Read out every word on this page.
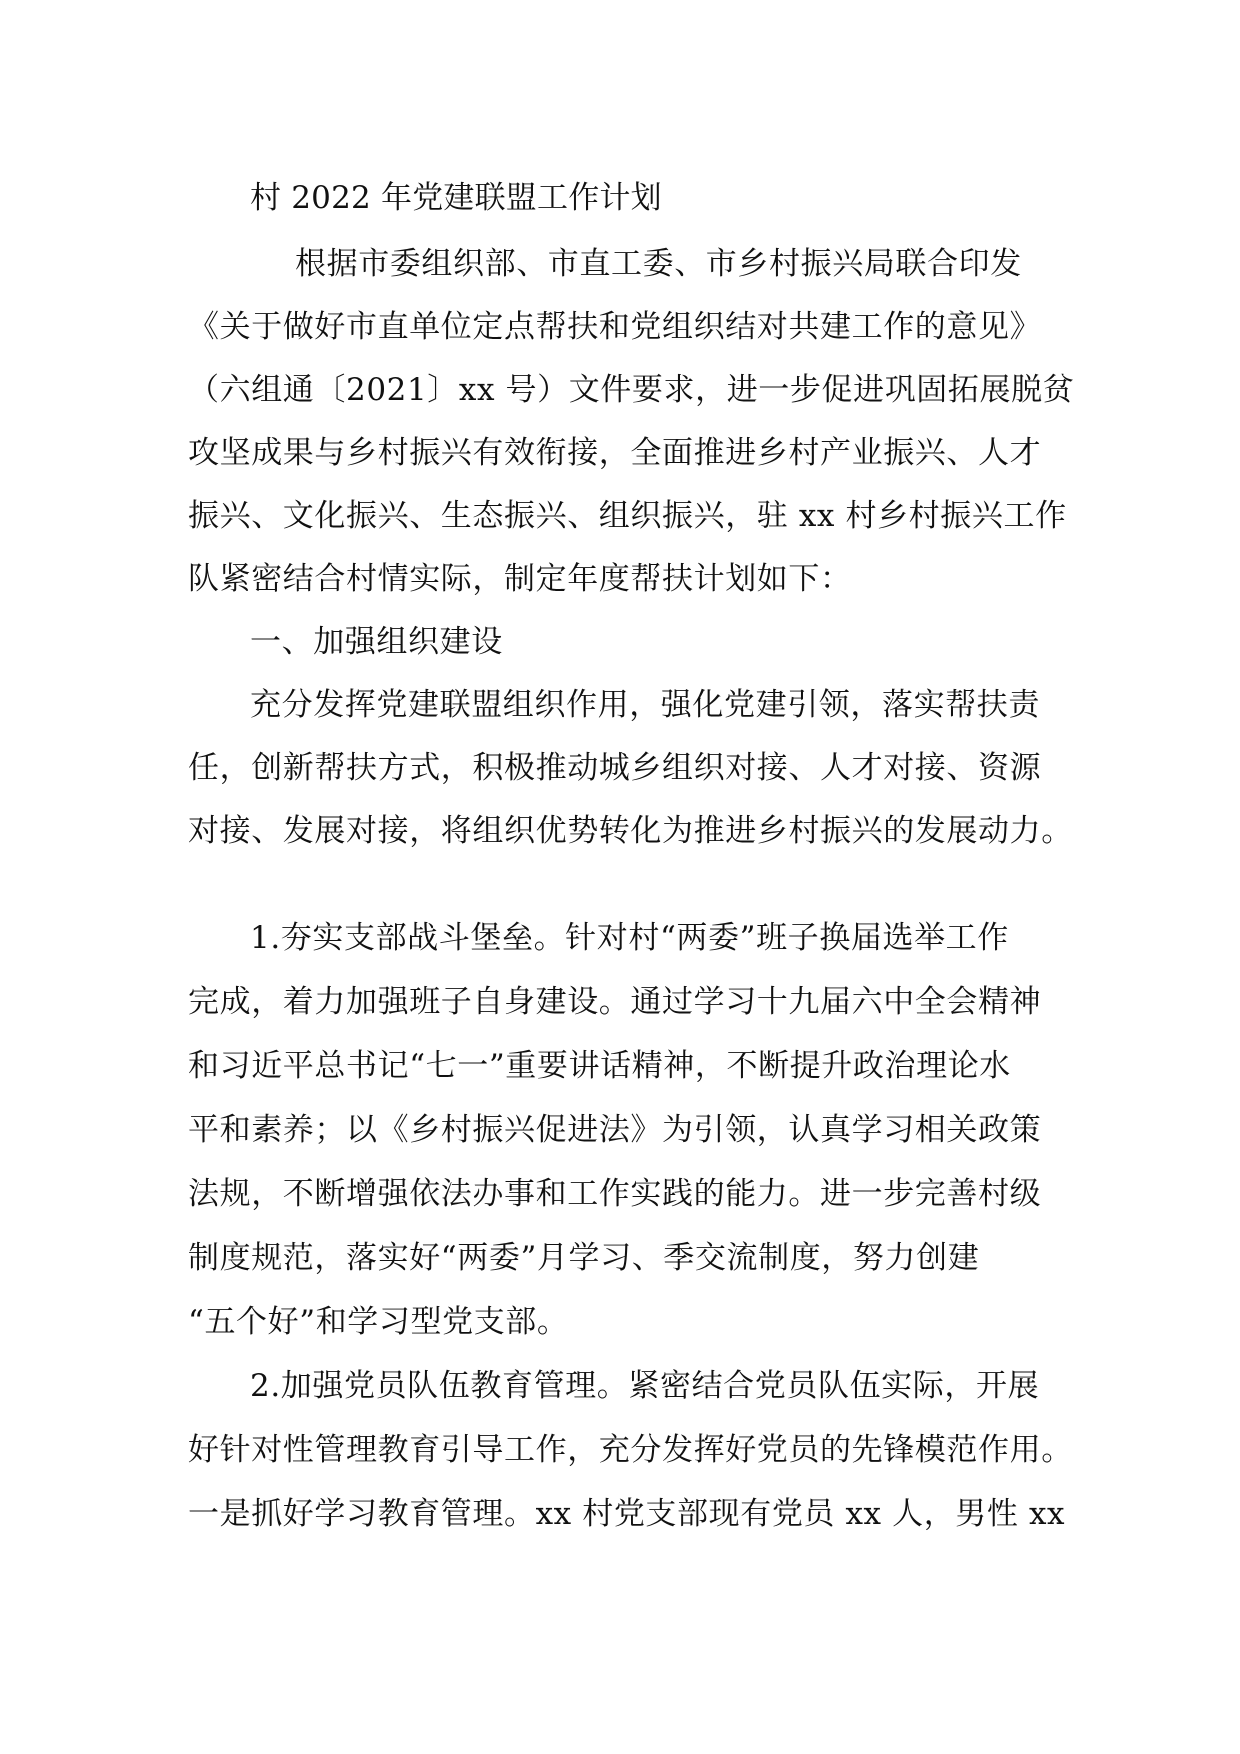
村 2022 年党建联盟工作计划
根据市委组织部、市直工委、市乡村振兴局联合印发
《关于做好市直单位定点帮扶和党组织结对共建工作的意见》
（六组通〔2021〕xx 号）文件要求，进一步促进巩固拓展脱贫
攻坚成果与乡村振兴有效衔接，全面推进乡村产业振兴、人才
振兴、文化振兴、生态振兴、组织振兴，驻 xx 村乡村振兴工作
队紧密结合村情实际，制定年度帮扶计划如下：
一、加强组织建设
充分发挥党建联盟组织作用，强化党建引领，落实帮扶责
任，创新帮扶方式，积极推动城乡组织对接、人才对接、资源
对接、发展对接，将组织优势转化为推进乡村振兴的发展动力。
1.夯实支部战斗堡垒。针对村“两委”班子换届选举工作
完成，着力加强班子自身建设。通过学习十九届六中全会精神
和习近平总书记“七一”重要讲话精神，不断提升政治理论水
平和素养；以《乡村振兴促进法》为引领，认真学习相关政策
法规，不断增强依法办事和工作实践的能力。进一步完善村级
制度规范，落实好“两委”月学习、季交流制度，努力创建
“五个好”和学习型党支部。
2.加强党员队伍教育管理。紧密结合党员队伍实际，开展
好针对性管理教育引导工作，充分发挥好党员的先锋模范作用。
一是抓好学习教育管理。xx 村党支部现有党员 xx 人，男性 xx
